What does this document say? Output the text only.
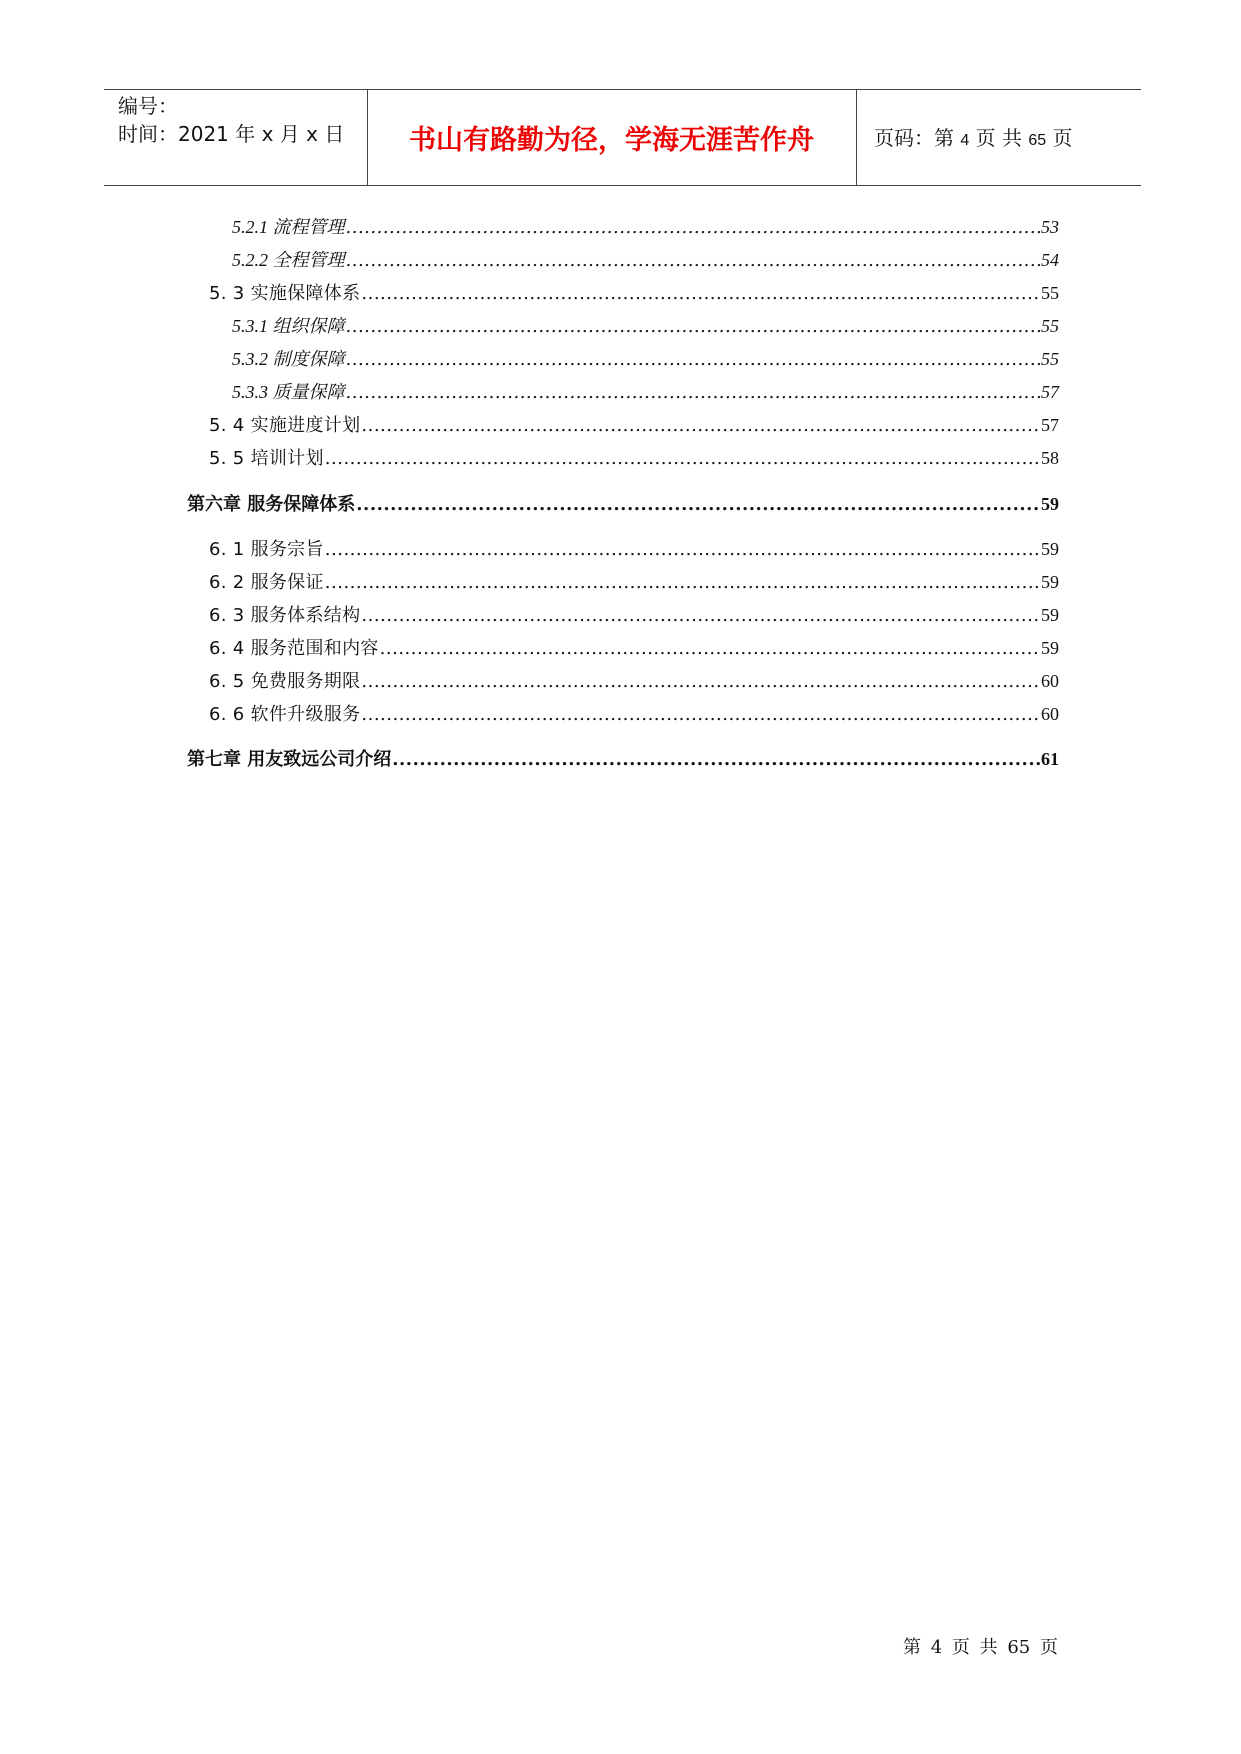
编号：
时间：2021 年 x 月 x 日	书山有路勤为径，学海无涯苦作舟	页码：第 4 页 共 65 页
5.2.1 流程管理 .....	53
5.2.2 全程管理 .....	54
5. 3 实施保障体系 .....	55
5.3.1 组织保障 .....	55
5.3.2 制度保障 .....	55
5.3.3 质量保障 .....	57
5. 4 实施进度计划 .....	57
5. 5 培训计划 .....	58
第六章 服务保障体系 .....	59
6. 1 服务宗旨 .....	59
6. 2 服务保证 .....	59
6. 3 服务体系结构 .....	59
6. 4 服务范围和内容 .....	59
6. 5 免费服务期限 .....	60
6. 6 软件升级服务 .....	60
第七章 用友致远公司介绍 .....	61
第 4 页 共 65 页
